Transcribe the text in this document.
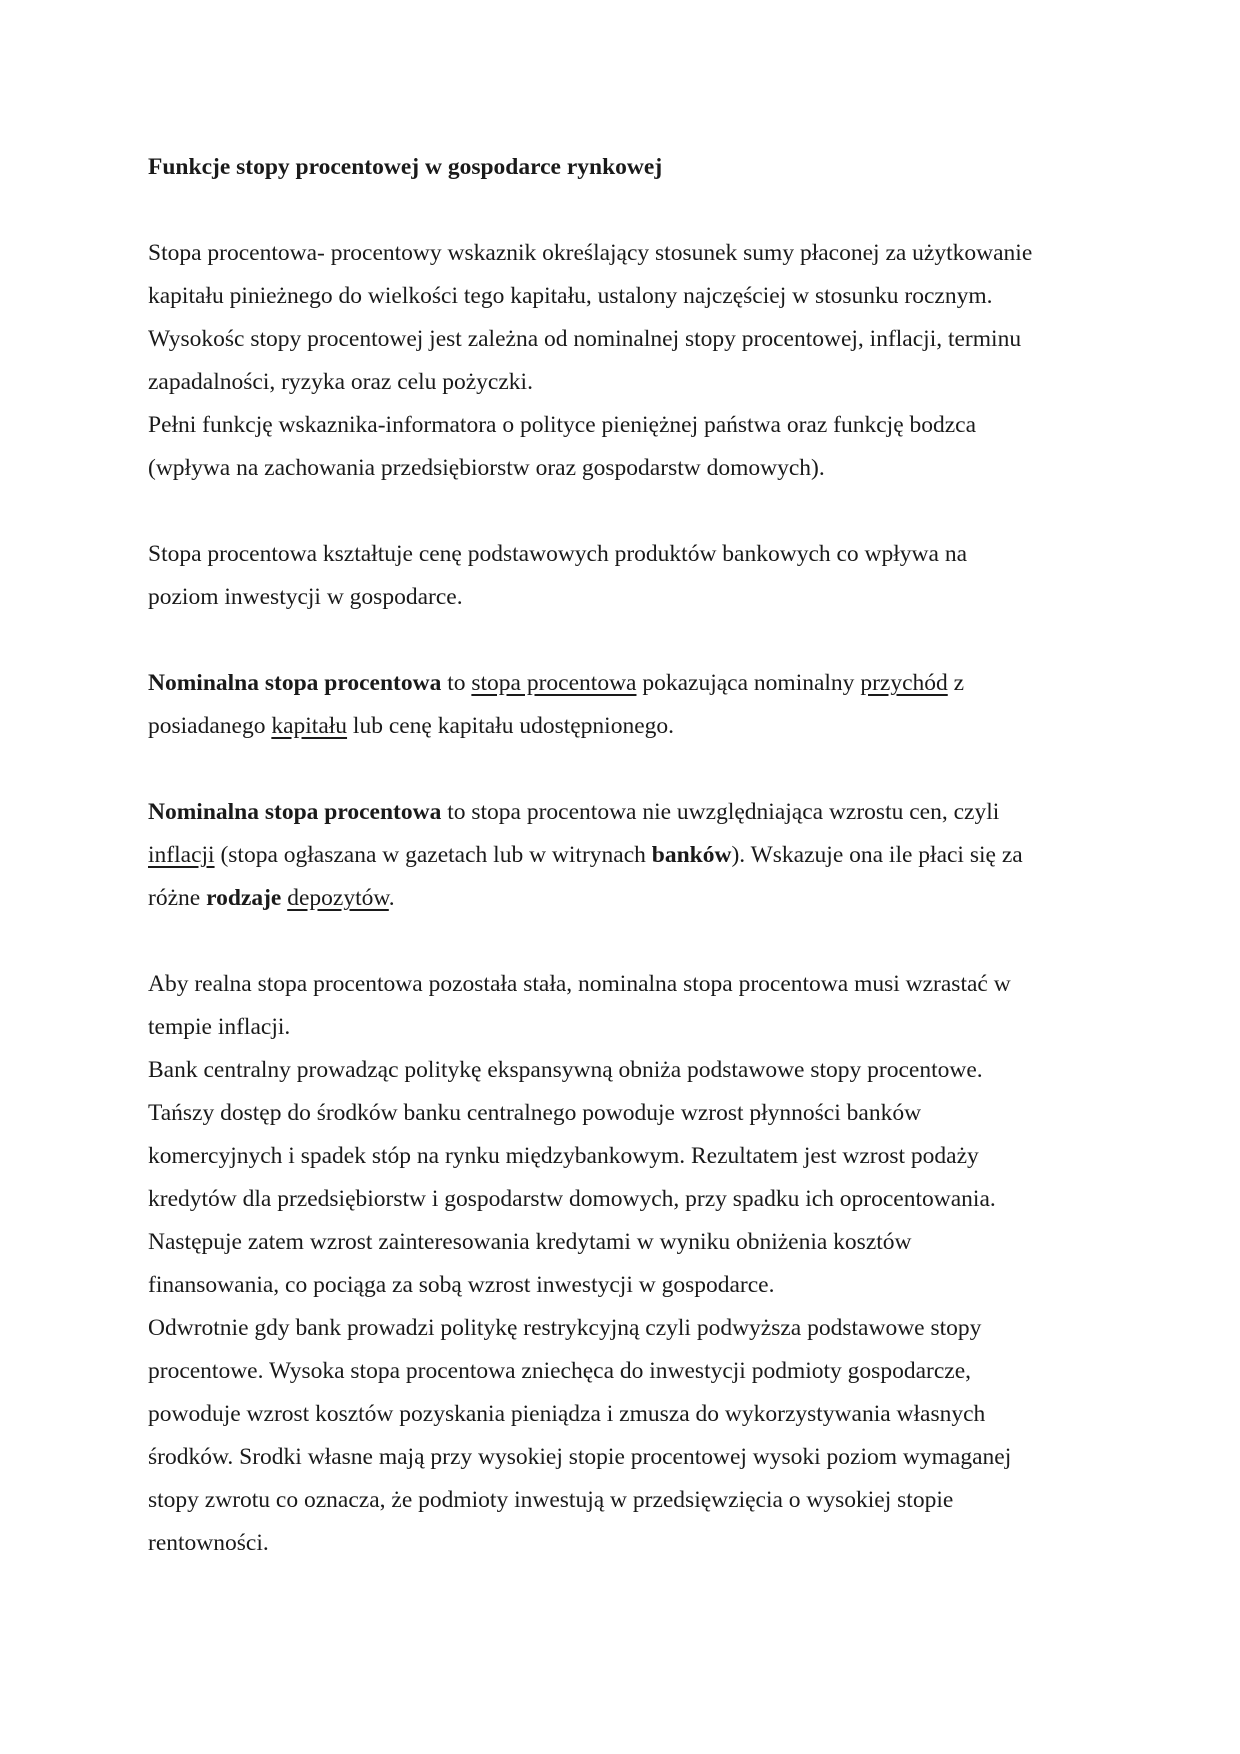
Funkcje stopy procentowej w gospodarce rynkowej
Stopa procentowa- procentowy wskaznik określający stosunek sumy płaconej za użytkowanie
kapitału pinieżnego do wielkości tego kapitału, ustalony najczęściej w stosunku rocznym.
Wysokośc stopy procentowej jest zależna od nominalnej stopy procentowej, inflacji, terminu
zapadalności, ryzyka oraz celu pożyczki.
Pełni funkcję wskaznika-informatora o polityce pieniężnej państwa oraz funkcję bodzca
(wpływa na zachowania przedsiębiorstw oraz gospodarstw domowych).
Stopa procentowa kształtuje cenę podstawowych produktów bankowych co wpływa na
poziom inwestycji w gospodarce.
Nominalna stopa procentowa to stopa procentowa pokazująca nominalny przychód z
posiadanego kapitału lub cenę kapitału udostępnionego.
Nominalna stopa procentowa to stopa procentowa nie uwzględniająca wzrostu cen, czyli
inflacji (stopa ogłaszana w gazetach lub w witrynach banków). Wskazuje ona ile płaci się za
różne rodzaje depozytów.
Aby realna stopa procentowa pozostała stała, nominalna stopa procentowa musi wzrastać w
tempie inflacji.
Bank centralny prowadząc politykę ekspansywną obniża podstawowe stopy procentowe.
Tańszy dostęp do środków banku centralnego powoduje wzrost płynności banków
komercyjnych i spadek stóp na rynku międzybankowym. Rezultatem jest wzrost podaży
kredytów dla przedsiębiorstw i gospodarstw domowych, przy spadku ich oprocentowania.
Następuje zatem wzrost zainteresowania kredytami w wyniku obniżenia kosztów
finansowania, co pociąga za sobą wzrost inwestycji w gospodarce.
Odwrotnie gdy bank prowadzi politykę restrykcyjną czyli podwyższa podstawowe stopy
procentowe. Wysoka stopa procentowa zniechęca do inwestycji podmioty gospodarcze,
powoduje wzrost kosztów pozyskania pieniądza i zmusza do wykorzystywania własnych
środków. Srodki własne mają przy wysokiej stopie procentowej wysoki poziom wymaganej
stopy zwrotu co oznacza, że podmioty inwestują w przedsięwzięcia o wysokiej stopie
rentowności.
